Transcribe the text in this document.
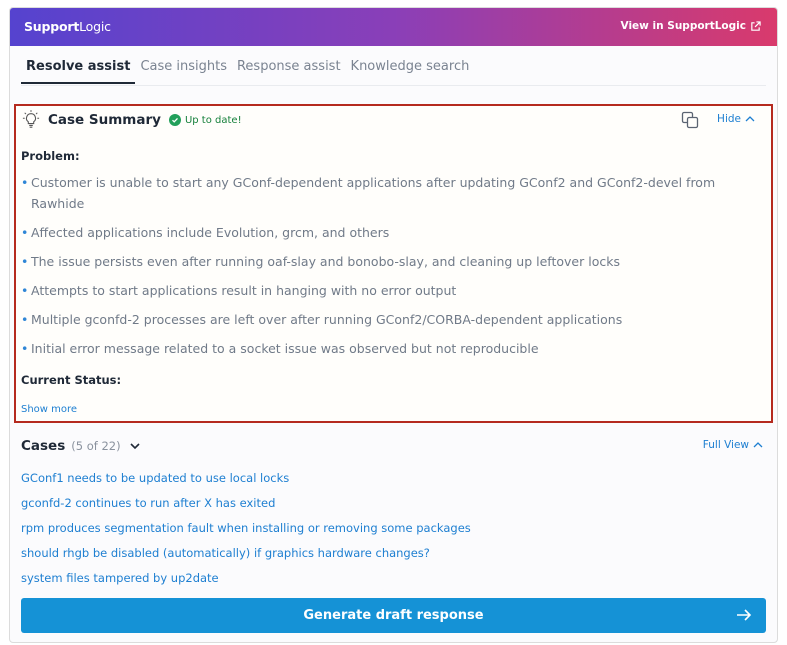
SupportLogic	View in SupportLogic
Resolve assist Case insights Response assist Knowledge search
Case Summary Up to date!	Hide
Problem:
• Customer is unable to start any GConf-dependent applications after updating GConf2 and GConf2-devel from Rawhide
• Affected applications include Evolution, grcm, and others
• The issue persists even after running oaf-slay and bonobo-slay, and cleaning up leftover locks
• Attempts to start applications result in hanging with no error output
• Multiple gconfd-2 processes are left over after running GConf2/CORBA-dependent applications
• Initial error message related to a socket issue was observed but not reproducible
Current Status:
Show more
Cases (5 of 22)	Full View
GConf1 needs to be updated to use local locks
gconfd-2 continues to run after X has exited
rpm produces segmentation fault when installing or removing some packages
should rhgb be disabled (automatically) if graphics hardware changes?
system files tampered by up2date
Generate draft response
